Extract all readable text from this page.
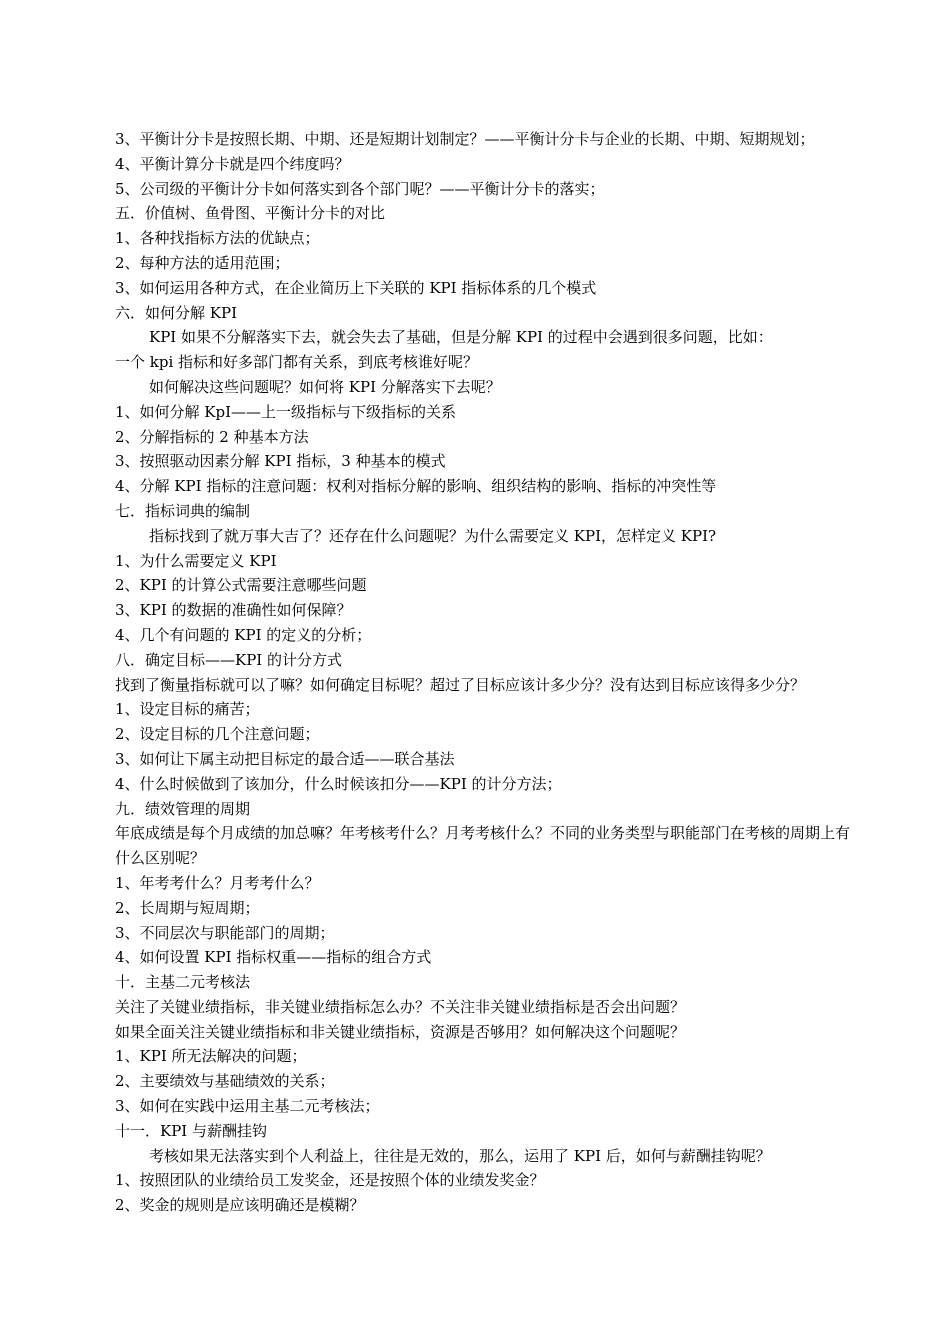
3、平衡计分卡是按照长期、中期、还是短期计划制定？——平衡计分卡与企业的长期、中期、短期规划；

4、平衡计算分卡就是四个纬度吗？

5、公司级的平衡计分卡如何落实到各个部门呢？——平衡计分卡的落实；

五．价值树、鱼骨图、平衡计分卡的对比

1、各种找指标方法的优缺点；

2、每种方法的适用范围；

3、如何运用各种方式，在企业简历上下关联的 KPI 指标体系的几个模式

六．如何分解 KPI

KPI 如果不分解落实下去，就会失去了基础，但是分解 KPI 的过程中会遇到很多问题，比如：

一个 kpi 指标和好多部门都有关系，到底考核谁好呢？

如何解决这些问题呢？如何将 KPI 分解落实下去呢？

1、如何分解 KpI——上一级指标与下级指标的关系

2、分解指标的 2 种基本方法

3、按照驱动因素分解 KPI 指标，3 种基本的模式

4、分解 KPI 指标的注意问题：权利对指标分解的影响、组织结构的影响、指标的冲突性等

七．指标词典的编制

指标找到了就万事大吉了？还存在什么问题呢？为什么需要定义 KPI，怎样定义 KPI?

1、为什么需要定义 KPI

2、KPI 的计算公式需要注意哪些问题

3、KPI 的数据的准确性如何保障？

4、几个有问题的 KPI 的定义的分析；

八．确定目标——KPI 的计分方式

找到了衡量指标就可以了嘛？如何确定目标呢？超过了目标应该计多少分？没有达到目标应该得多少分？

1、设定目标的痛苦；

2、设定目标的几个注意问题；

3、如何让下属主动把目标定的最合适——联合基法

4、什么时候做到了该加分，什么时候该扣分——KPI 的计分方法；

九．绩效管理的周期

年底成绩是每个月成绩的加总嘛？年考核考什么？月考考核什么？不同的业务类型与职能部门在考核的周期上有什么区别呢？

1、年考考什么？月考考什么？

2、长周期与短周期；

3、不同层次与职能部门的周期；

4、如何设置 KPI 指标权重——指标的组合方式

十．主基二元考核法

关注了关键业绩指标，非关键业绩指标怎么办？不关注非关键业绩指标是否会出问题？

如果全面关注关键业绩指标和非关键业绩指标，资源是否够用？如何解决这个问题呢？

1、KPI 所无法解决的问题；

2、主要绩效与基础绩效的关系；

3、如何在实践中运用主基二元考核法；

十一．KPI 与薪酬挂钩

考核如果无法落实到个人利益上，往往是无效的，那么，运用了 KPI 后，如何与薪酬挂钩呢？

1、按照团队的业绩给员工发奖金，还是按照个体的业绩发奖金？

2、奖金的规则是应该明确还是模糊？
